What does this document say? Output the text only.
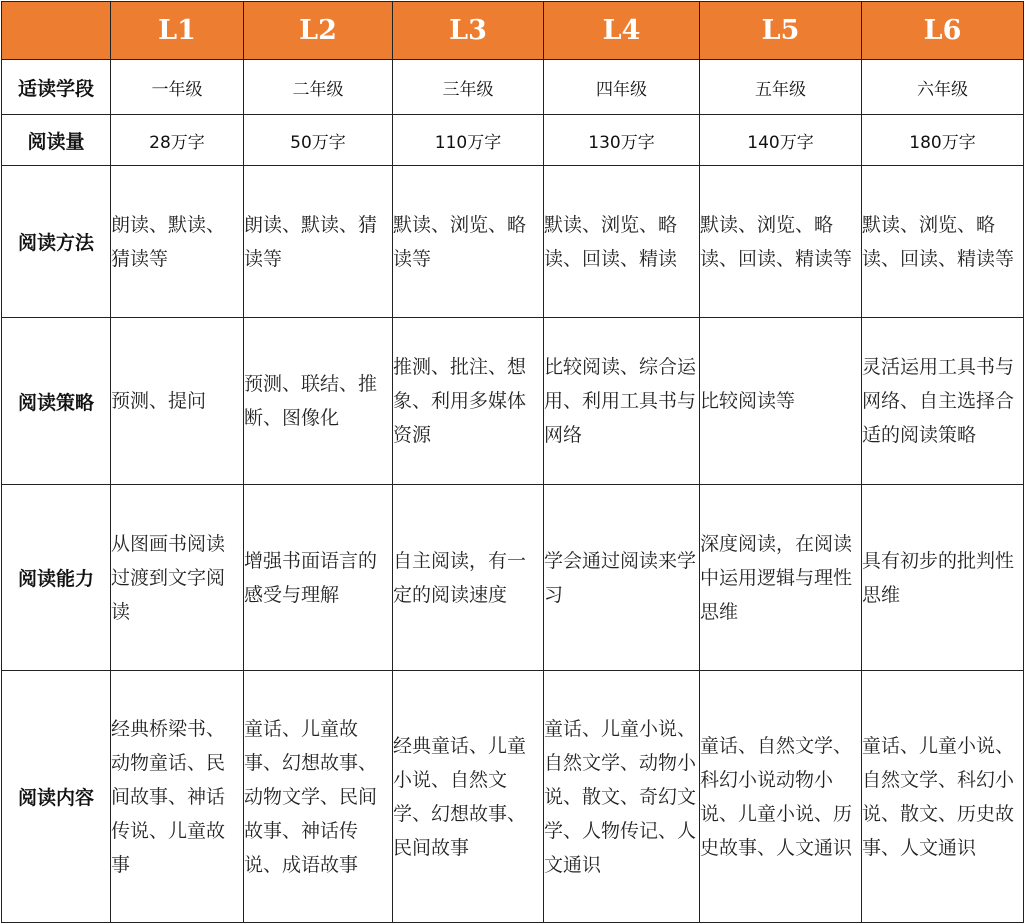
	L1	L2	L3	L4	L5	L6
适读学段	一年级	二年级	三年级	四年级	五年级	六年级
阅读量	28万字	50万字	110万字	130万字	140万字	180万字
阅读方法	朗读、默读、猜读等	朗读、默读、猜读等	默读、浏览、略读等	默读、浏览、略读、回读、精读	默读、浏览、略读、回读、精读等	默读、浏览、略读、回读、精读等
阅读策略	预测、提问	预测、联结、推断、图像化	推测、批注、想象、利用多媒体资源	比较阅读、综合运用、利用工具书与网络	比较阅读等	灵活运用工具书与网络、自主选择合适的阅读策略
阅读能力	从图画书阅读过渡到文字阅读	增强书面语言的感受与理解	自主阅读，有一定的阅读速度	学会通过阅读来学习	深度阅读，在阅读中运用逻辑与理性思维	具有初步的批判性思维
阅读内容	经典桥梁书、动物童话、民间故事、神话传说、儿童故事	童话、儿童故事、幻想故事、动物文学、民间故事、神话传说、成语故事	经典童话、儿童小说、自然文学、幻想故事、民间故事	童话、儿童小说、自然文学、动物小说、散文、奇幻文学、人物传记、人文通识	童话、自然文学、科幻小说动物小说、儿童小说、历史故事、人文通识	童话、儿童小说、自然文学、科幻小说、散文、历史故事、人文通识
